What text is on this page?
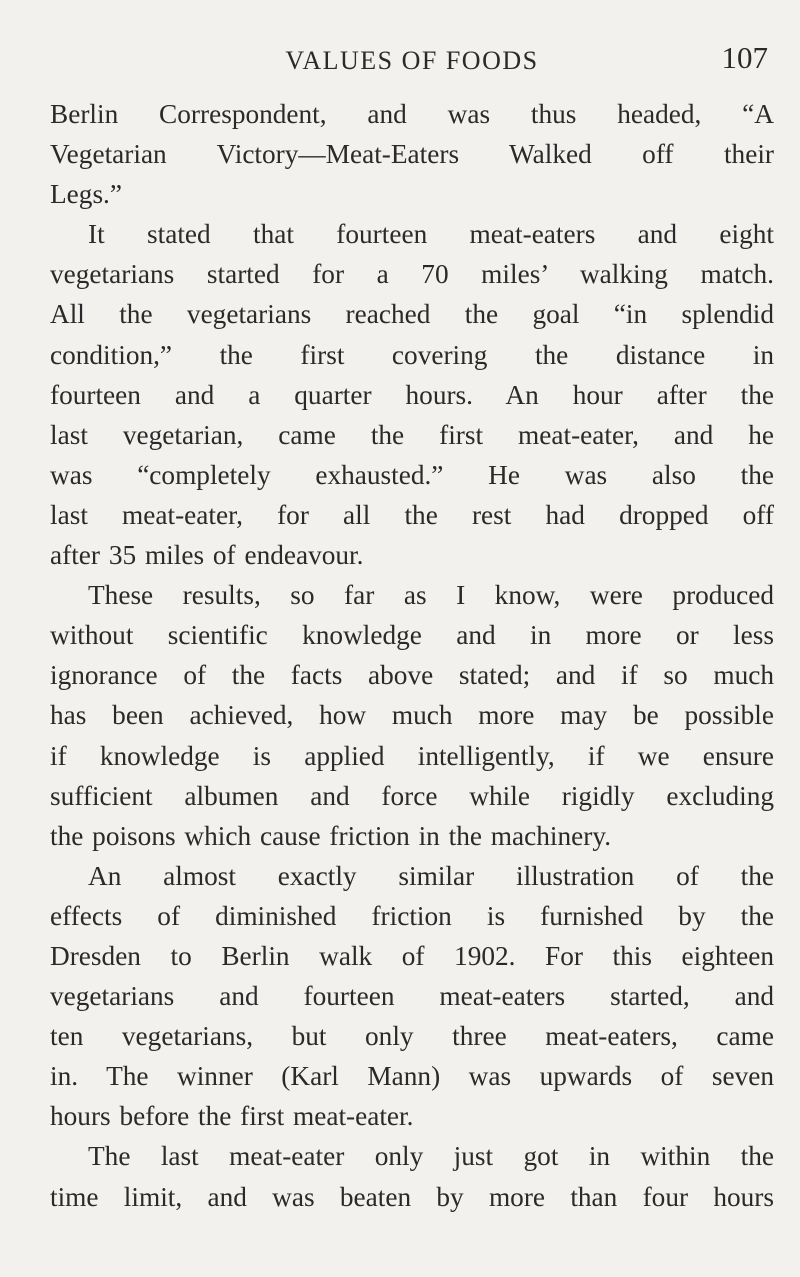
VALUES OF FOODS	107
Berlin Correspondent, and was thus headed, “A
Vegetarian Victory—Meat-Eaters Walked off their
Legs.”
It stated that fourteen meat-eaters and eight
vegetarians started for a 70 miles’ walking match.
All the vegetarians reached the goal “in splendid
condition,” the first covering the distance in
fourteen and a quarter hours. An hour after the
last vegetarian, came the first meat-eater, and he
was “completely exhausted.” He was also the
last meat-eater, for all the rest had dropped off
after 35 miles of endeavour.
These results, so far as I know, were produced
without scientific knowledge and in more or less
ignorance of the facts above stated; and if so much
has been achieved, how much more may be possible
if knowledge is applied intelligently, if we ensure
sufficient albumen and force while rigidly excluding
the poisons which cause friction in the machinery.
An almost exactly similar illustration of the
effects of diminished friction is furnished by the
Dresden to Berlin walk of 1902. For this eighteen
vegetarians and fourteen meat-eaters started, and
ten vegetarians, but only three meat-eaters, came
in. The winner (Karl Mann) was upwards of seven
hours before the first meat-eater.
The last meat-eater only just got in within the
time limit, and was beaten by more than four hours
